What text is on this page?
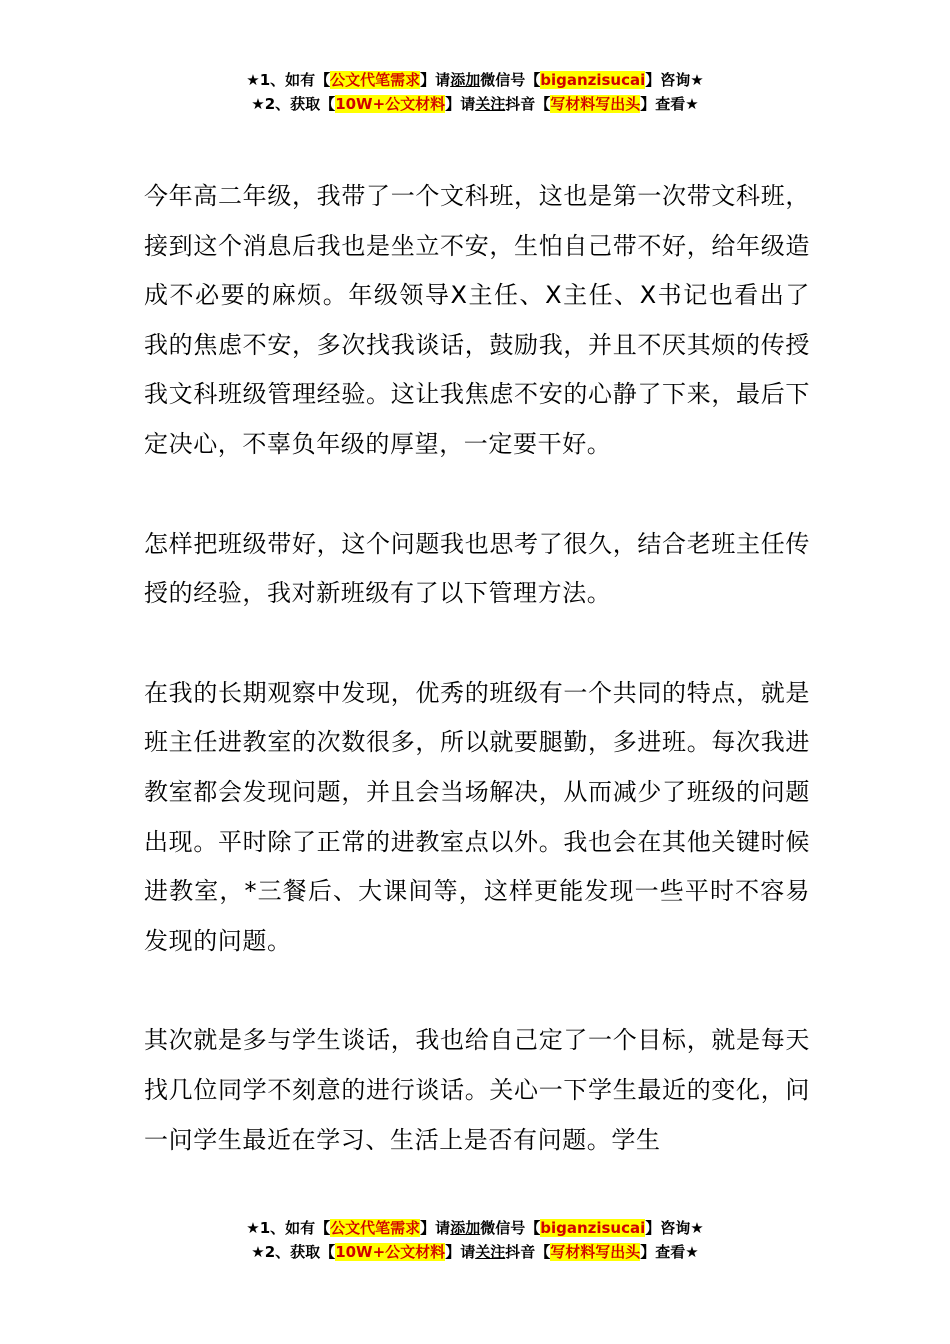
★1、如有【公文代笔需求】请添加微信号【biganzisucai】咨询★
★2、获取【10W+公文材料】请关注抖音【写材料写出头】查看★

今年高二年级，我带了一个文科班，这也是第一次带文科班，接到这个消息后我也是坐立不安，生怕自己带不好，给年级造成不必要的麻烦。年级领导X主任、X主任、X书记也看出了我的焦虑不安，多次找我谈话，鼓励我，并且不厌其烦的传授我文科班级管理经验。这让我焦虑不安的心静了下来，最后下定决心，不辜负年级的厚望，一定要干好。

怎样把班级带好，这个问题我也思考了很久，结合老班主任传授的经验，我对新班级有了以下管理方法。

在我的长期观察中发现，优秀的班级有一个共同的特点，就是班主任进教室的次数很多，所以就要腿勤，多进班。每次我进教室都会发现问题，并且会当场解决，从而减少了班级的问题出现。平时除了正常的进教室点以外。我也会在其他关键时候进教室，*三餐后、大课间等，这样更能发现一些平时不容易发现的问题。

其次就是多与学生谈话，我也给自己定了一个目标，就是每天找几位同学不刻意的进行谈话。关心一下学生最近的变化，问一问学生最近在学习、生活上是否有问题。学生

★1、如有【公文代笔需求】请添加微信号【biganzisucai】咨询★
★2、获取【10W+公文材料】请关注抖音【写材料写出头】查看★
